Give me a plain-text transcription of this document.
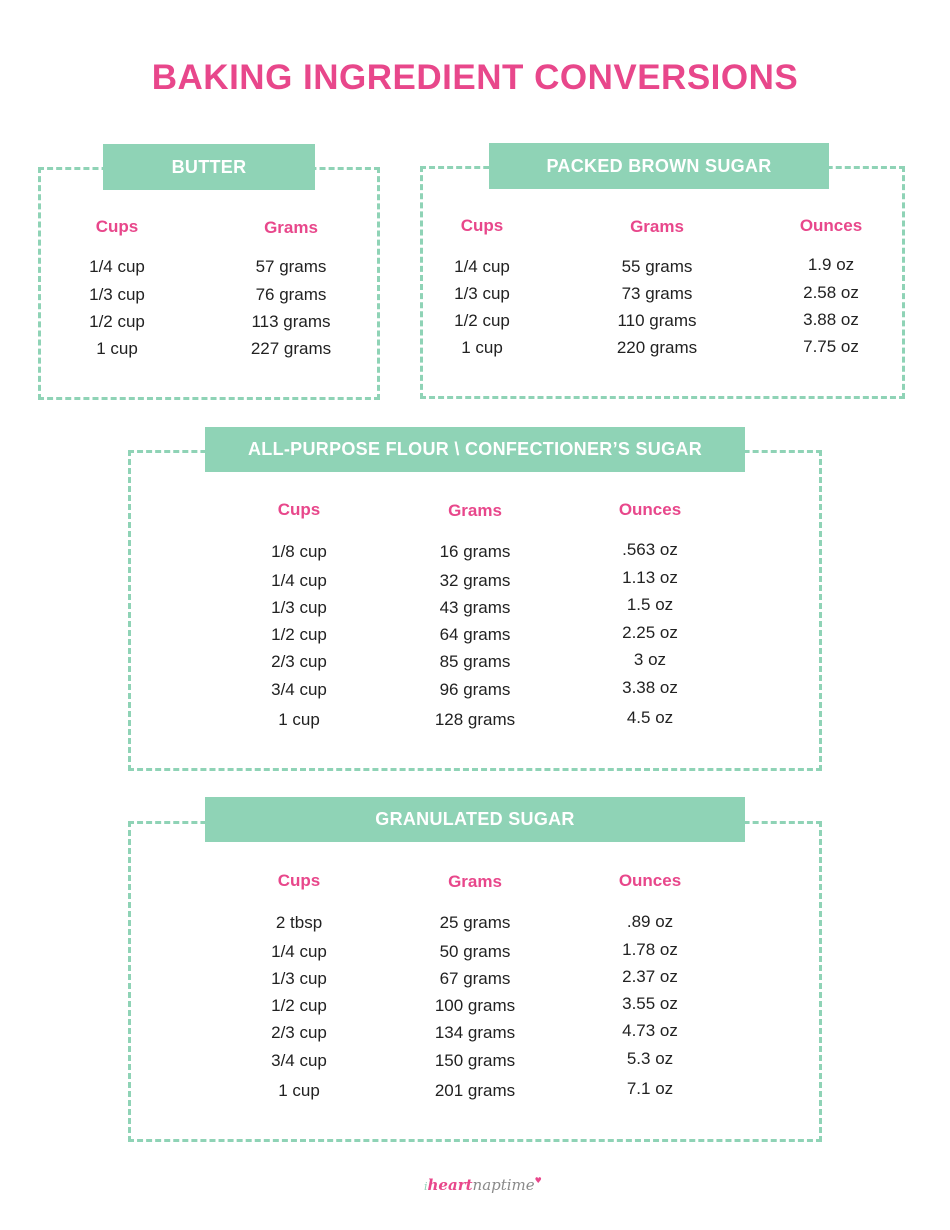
BAKING INGREDIENT CONVERSIONS
BUTTER
Cups
1/4 cup
1/3 cup
1/2 cup
1 cup
Grams
57 grams
76 grams
113 grams
227 grams
PACKED BROWN SUGAR
Cups
1/4 cup
1/3 cup
1/2 cup
1 cup
Grams
55 grams
73 grams
110 grams
220 grams
Ounces
1.9 oz
2.58 oz
3.88 oz
7.75 oz
ALL-PURPOSE FLOUR \ CONFECTIONER’S SUGAR
Cups
1/8 cup
1/4 cup
1/3 cup
1/2 cup
2/3 cup
3/4 cup
1 cup
Grams
16 grams
32 grams
43 grams
64 grams
85 grams
96 grams
128 grams
Ounces
.563 oz
1.13 oz
1.5 oz
2.25 oz
3 oz
3.38 oz
4.5 oz
GRANULATED SUGAR
Cups
2 tbsp
1/4 cup
1/3 cup
1/2 cup
2/3 cup
3/4 cup
1 cup
Grams
25 grams
50 grams
67 grams
100 grams
134 grams
150 grams
201 grams
Ounces
.89 oz
1.78 oz
2.37 oz
3.55 oz
4.73 oz
5.3 oz
7.1 oz
iheartnaptime♥
